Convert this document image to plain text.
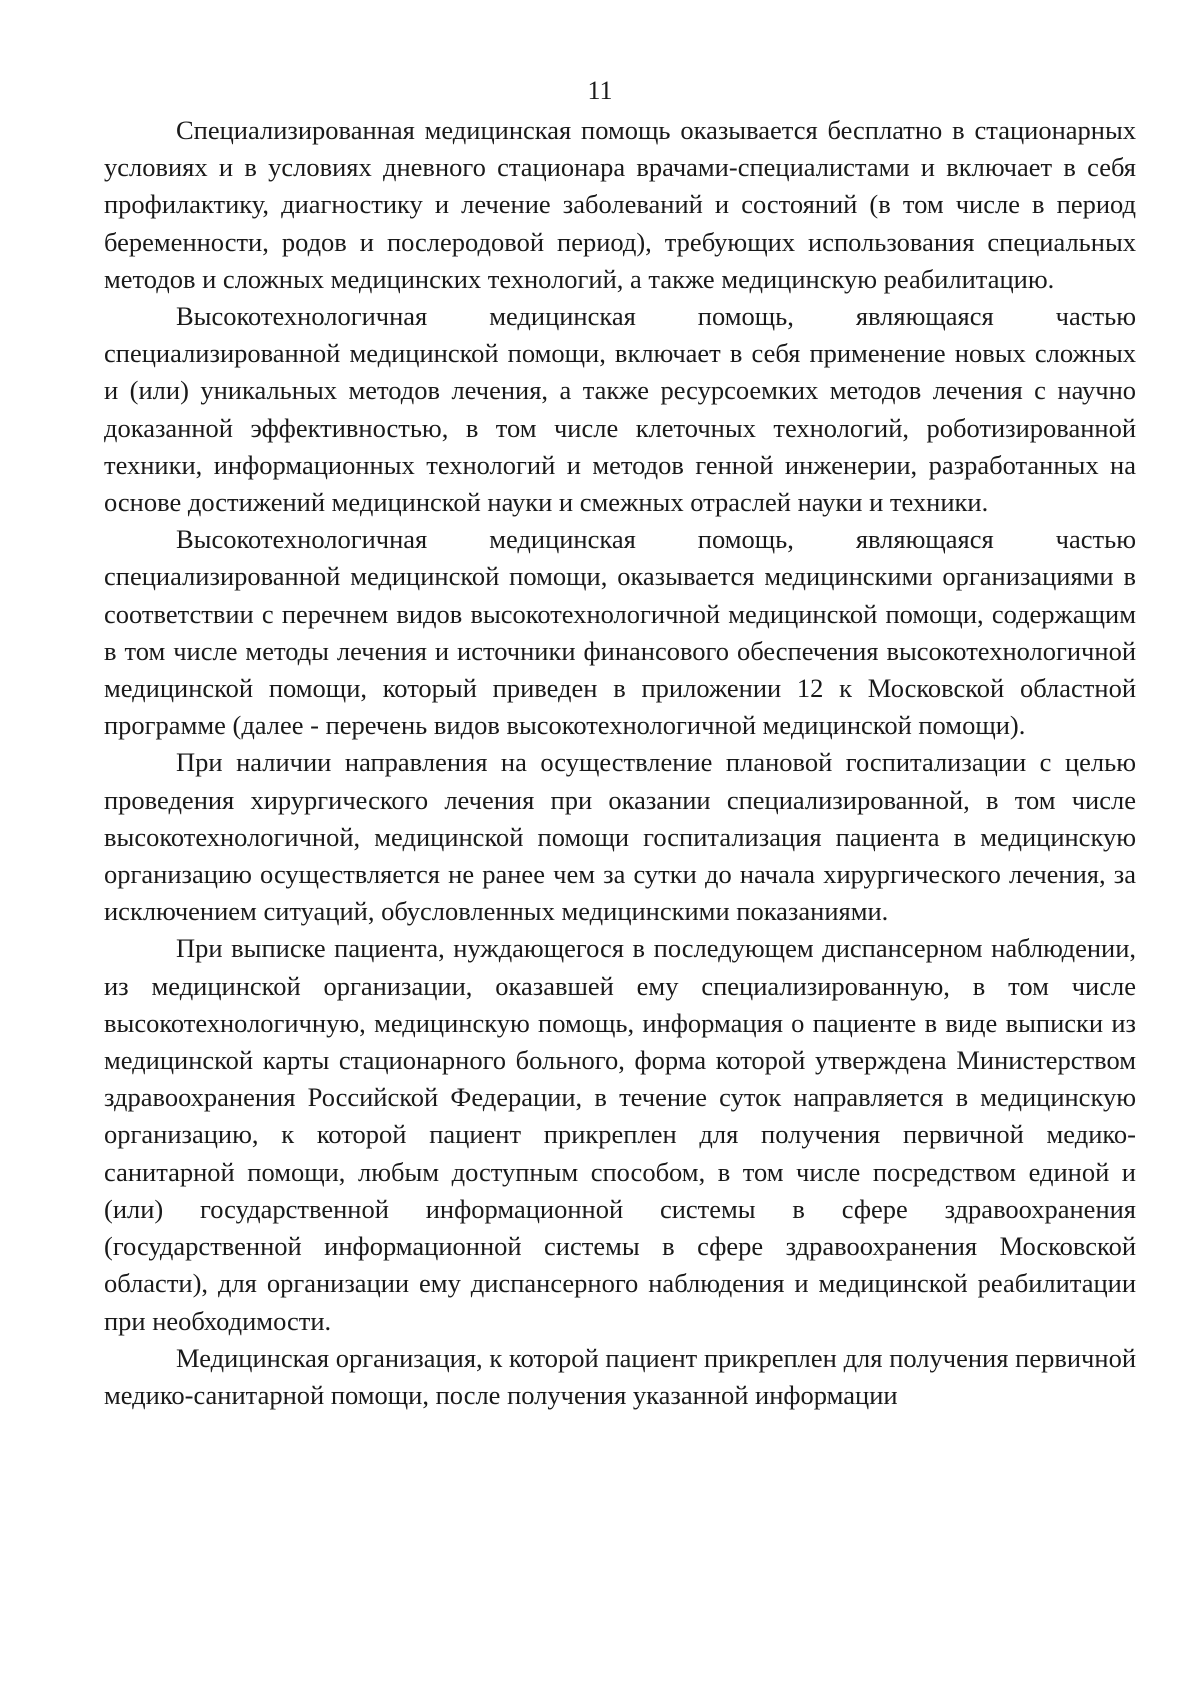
11

Специализированная медицинская помощь оказывается бесплатно в стационарных условиях и в условиях дневного стационара врачами-специалистами и включает в себя профилактику, диагностику и лечение заболеваний и состояний (в том числе в период беременности, родов и послеродовой период), требующих использования специальных методов и сложных медицинских технологий, а также медицинскую реабилитацию.

Высокотехнологичная медицинская помощь, являющаяся частью специализированной медицинской помощи, включает в себя применение новых сложных и (или) уникальных методов лечения, а также ресурсоемких методов лечения с научно доказанной эффективностью, в том числе клеточных технологий, роботизированной техники, информационных технологий и методов генной инженерии, разработанных на основе достижений медицинской науки и смежных отраслей науки и техники.

Высокотехнологичная медицинская помощь, являющаяся частью специализированной медицинской помощи, оказывается медицинскими организациями в соответствии с перечнем видов высокотехнологичной медицинской помощи, содержащим в том числе методы лечения и источники финансового обеспечения высокотехнологичной медицинской помощи, который приведен в приложении 12 к Московской областной программе (далее - перечень видов высокотехнологичной медицинской помощи).

При наличии направления на осуществление плановой госпитализации с целью проведения хирургического лечения при оказании специализированной, в том числе высокотехнологичной, медицинской помощи госпитализация пациента в медицинскую организацию осуществляется не ранее чем за сутки до начала хирургического лечения, за исключением ситуаций, обусловленных медицинскими показаниями.

При выписке пациента, нуждающегося в последующем диспансерном наблюдении, из медицинской организации, оказавшей ему специализированную, в том числе высокотехнологичную, медицинскую помощь, информация о пациенте в виде выписки из медицинской карты стационарного больного, форма которой утверждена Министерством здравоохранения Российской Федерации, в течение суток направляется в медицинскую организацию, к которой пациент прикреплен для получения первичной медико-санитарной помощи, любым доступным способом, в том числе посредством единой и (или) государственной информационной системы в сфере здравоохранения (государственной информационной системы в сфере здравоохранения Московской области), для организации ему диспансерного наблюдения и медицинской реабилитации при необходимости.

Медицинская организация, к которой пациент прикреплен для получения первичной медико-санитарной помощи, после получения указанной информации
